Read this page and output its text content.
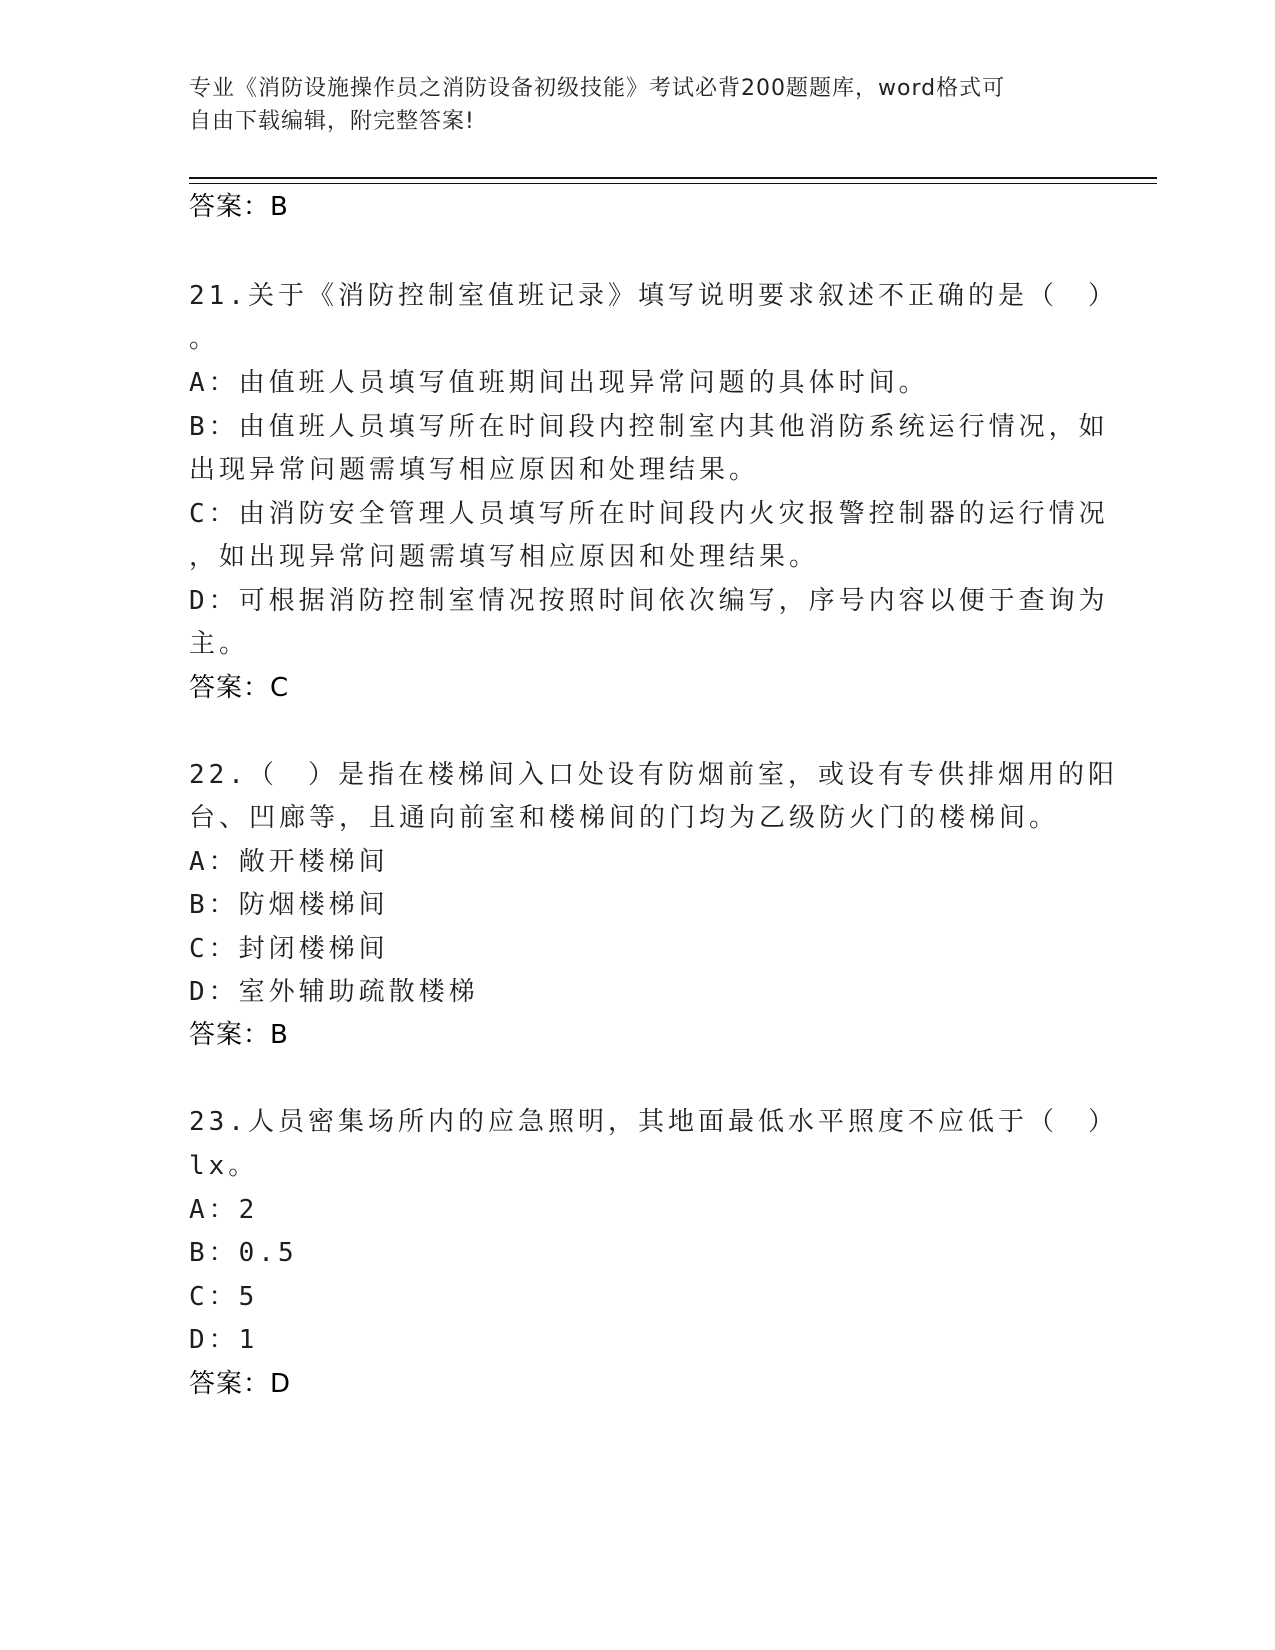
专业《消防设施操作员之消防设备初级技能》考试必背200题题库，word格式可
自由下载编辑，附完整答案!
答案：B
21.关于《消防控制室值班记录》填写说明要求叙述不正确的是（　）
。
A：由值班人员填写值班期间出现异常问题的具体时间。
B：由值班人员填写所在时间段内控制室内其他消防系统运行情况，如
出现异常问题需填写相应原因和处理结果。
C：由消防安全管理人员填写所在时间段内火灾报警控制器的运行情况
，如出现异常问题需填写相应原因和处理结果。
D：可根据消防控制室情况按照时间依次编写，序号内容以便于查询为
主。
答案：C
22.（　）是指在楼梯间入口处设有防烟前室，或设有专供排烟用的阳
台、凹廊等，且通向前室和楼梯间的门均为乙级防火门的楼梯间。
A：敞开楼梯间
B：防烟楼梯间
C：封闭楼梯间
D：室外辅助疏散楼梯
答案：B
23.人员密集场所内的应急照明，其地面最低水平照度不应低于（　）
lx。
A：2
B：0.5
C：5
D：1
答案：D
